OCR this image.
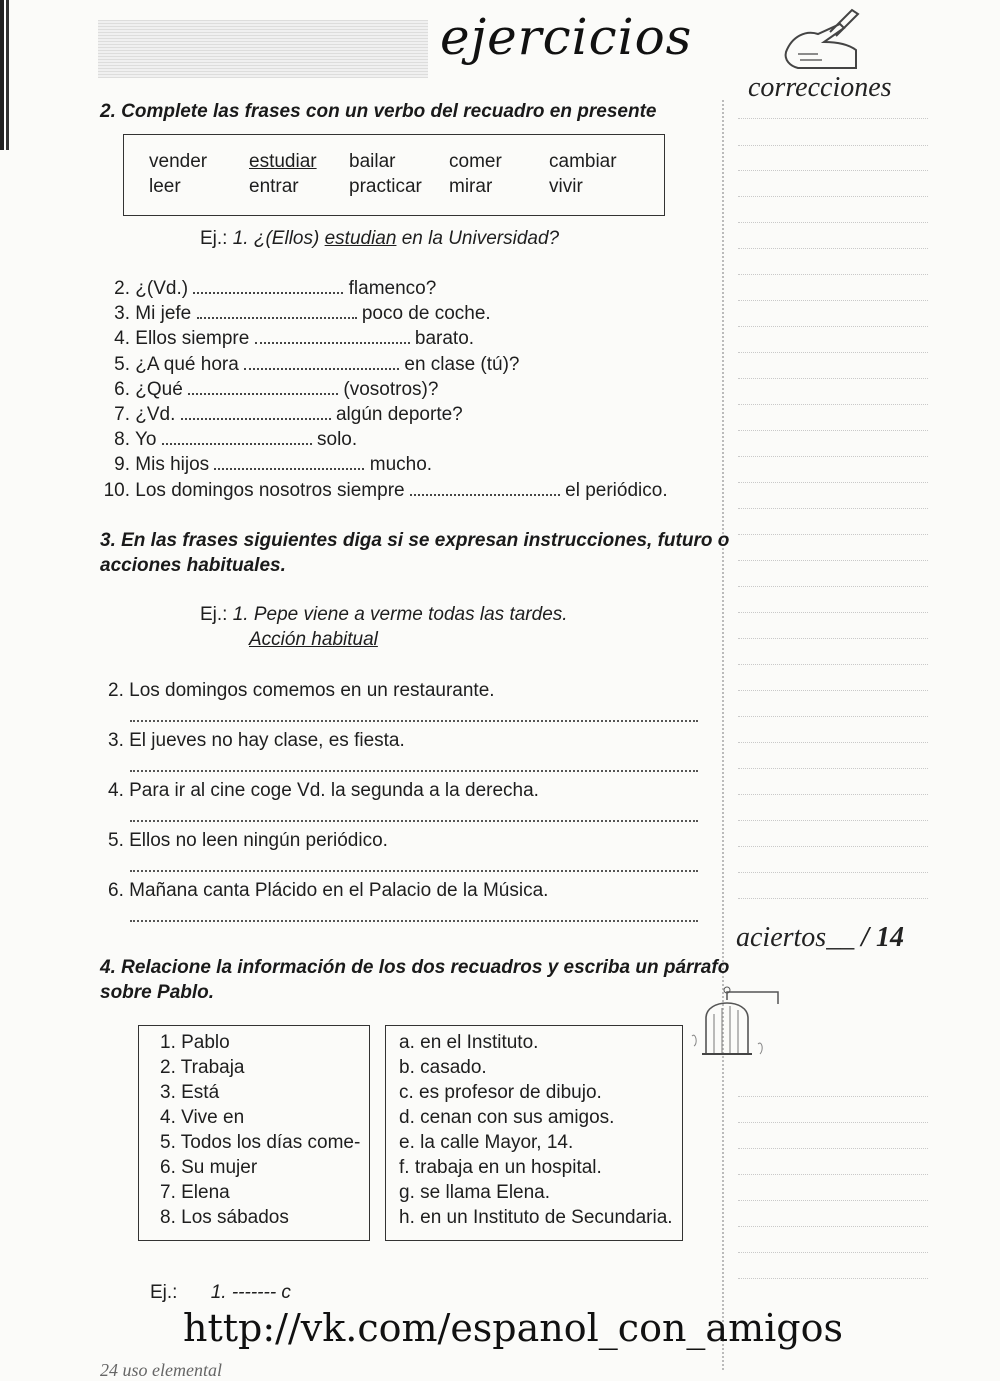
ejercicios
correcciones
2. Complete las frases con un verbo del recuadro en presente
vender	estudiar	bailar	comer	cambiar
leer	entrar	practicar	mirar	vivir
Ej.: 1. ¿(Ellos) estudian en la Universidad?
2. ¿(Vd.)	flamenco?
3. Mi jefe	poco de coche.
4. Ellos siempre	barato.
5. ¿A qué hora	en clase (tú)?
6. ¿Qué	(vosotros)?
7. ¿Vd.	algún deporte?
8. Yo	solo.
9. Mis hijos	mucho.
10. Los domingos nosotros siempre	el periódico.
3. En las frases siguientes diga si se expresan instrucciones, futuro o
acciones habituales.
Ej.: 1. Pepe viene a verme todas las tardes.
Acción habitual
2. Los domingos comemos en un restaurante.
3. El jueves no hay clase, es fiesta.
4. Para ir al cine coge Vd. la segunda a la derecha.
5. Ellos no leen ningún periódico.
6. Mañana canta Plácido en el Palacio de la Música.
aciertos__ / 14
4. Relacione la información de los dos recuadros y escriba un párrafo
sobre Pablo.
1. Pablo
2. Trabaja
3. Está
4. Vive en
5. Todos los días come-
6. Su mujer
7. Elena
8. Los sábados
a. en el Instituto.
b. casado.
c. es profesor de dibujo.
d. cenan con sus amigos.
e. la calle Mayor, 14.
f. trabaja en un hospital.
g. se llama Elena.
h. en un Instituto de Secundaria.
Ej.: 1. ------- c
http://vk.com/espanol_con_amigos
24 uso elemental
